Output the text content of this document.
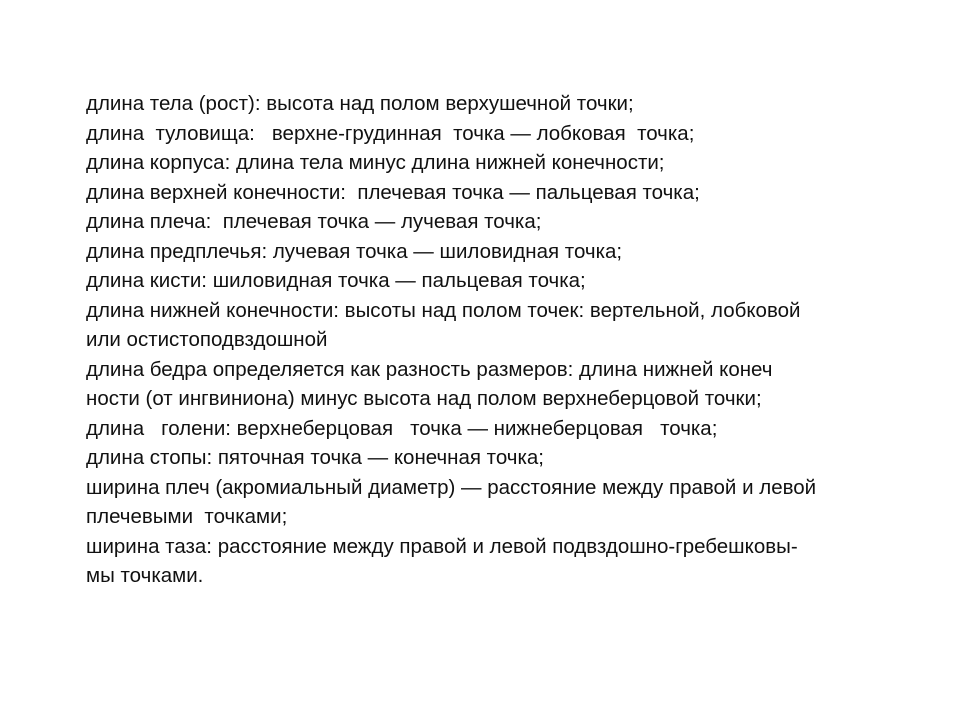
длина тела (рост): высота над полом верхушечной точки;

длина  туловища:   верхне-грудинная  точка — лобковая  точка;

длина корпуса: длина тела минус длина нижней конечности;

длина верхней конечности:  плечевая точка — пальцевая точка;

длина плеча:  плечевая точка — лучевая точка;

длина предплечья: лучевая точка — шиловидная точка;

длина кисти: шиловидная точка — пальцевая точка;

длина нижней конечности: высоты над полом точек: вертельной, лобковой

или остистоподвздошной

длина бедра определяется как разность размеров: длина нижней конеч

ности (от ингвиниона) минус высота над полом верхнеберцовой точки;

длина   голени: верхнеберцовая   точка — нижнеберцовая   точка;

длина стопы: пяточная точка — конечная точка;

ширина плеч (акромиальный диаметр) — расстояние между правой и левой

плечевыми  точками;

ширина таза: расстояние между правой и левой подвздошно-гребешковы-

мы точками.
